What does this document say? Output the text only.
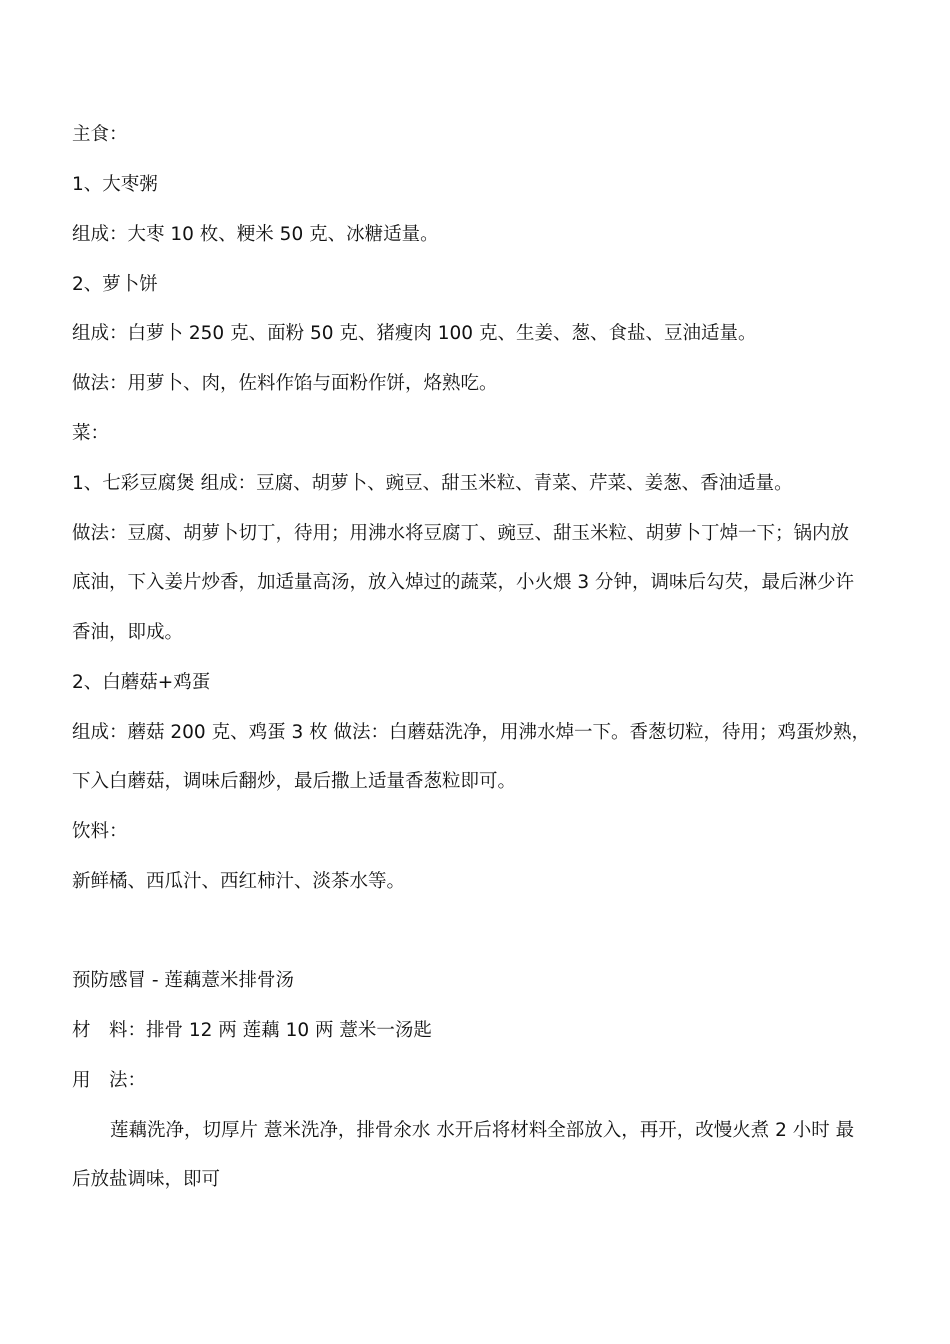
主食：
1、大枣粥
组成：大枣 10 枚、粳米 50 克、冰糖适量。
2、萝卜饼
组成：白萝卜 250 克、面粉 50 克、猪瘦肉 100 克、生姜、葱、食盐、豆油适量。
做法：用萝卜、肉，佐料作馅与面粉作饼，烙熟吃。
菜：
1、七彩豆腐煲 组成：豆腐、胡萝卜、豌豆、甜玉米粒、青菜、芹菜、姜葱、香油适量。
做法：豆腐、胡萝卜切丁，待用；用沸水将豆腐丁、豌豆、甜玉米粒、胡萝卜丁焯一下；锅内放
底油，下入姜片炒香，加适量高汤，放入焯过的蔬菜，小火煨 3 分钟，调味后勾芡，最后淋少许
香油，即成。
2、白蘑菇+鸡蛋
组成：蘑菇 200 克、鸡蛋 3 枚 做法：白蘑菇洗净，用沸水焯一下。香葱切粒，待用；鸡蛋炒熟，
下入白蘑菇，调味后翻炒，最后撒上适量香葱粒即可。
饮料：
新鲜橘、西瓜汁、西红柿汁、淡茶水等。
预防感冒 - 莲藕薏米排骨汤
材　料：排骨 12 两 莲藕 10 两 薏米一汤匙
用　法：
莲藕洗净，切厚片 薏米洗净，排骨氽水 水开后将材料全部放入，再开，改慢火煮 2 小时 最
后放盐调味，即可
